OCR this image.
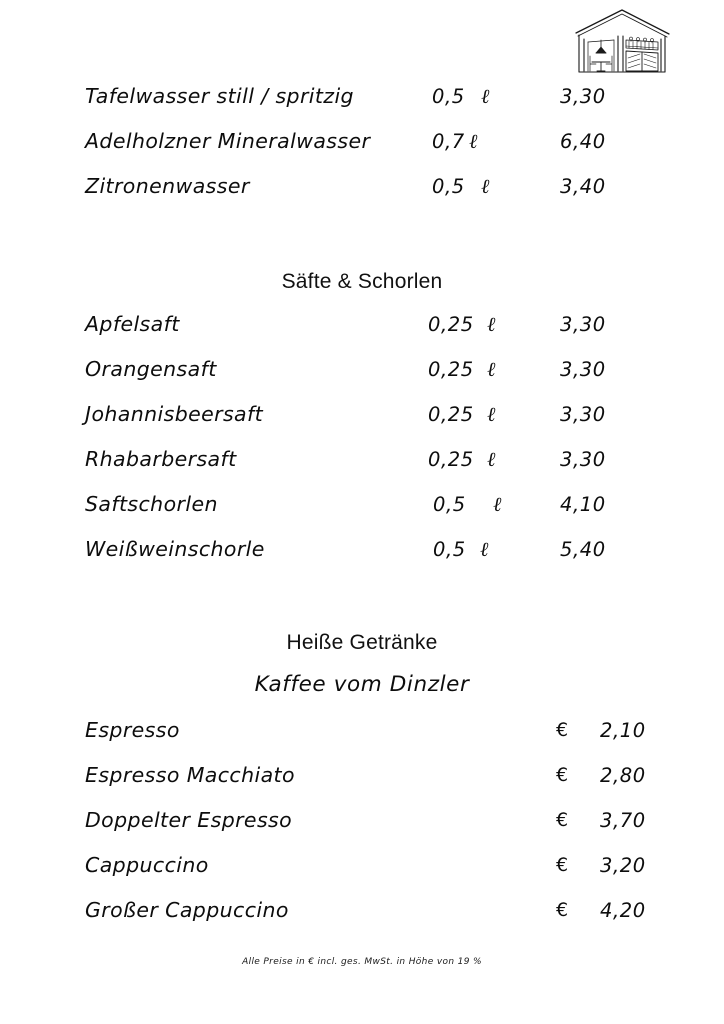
Tafelwasser still / spritzig	0,5 ℓ	3,30
Adelholzner Mineralwasser	0,7 ℓ	6,40
Zitronenwasser	0,5 ℓ	3,40
Säfte & Schorlen
Apfelsaft	0,25 ℓ	3,30
Orangensaft	0,25 ℓ	3,30
Johannisbeersaft	0,25 ℓ	3,30
Rhabarbersaft	0,25 ℓ	3,30
Saftschorlen	0,5 ℓ	4,10
Weißweinschorle	0,5 ℓ	5,40
Heiße Getränke
Kaffee vom Dinzler
Espresso	€ 2,10
Espresso Macchiato	€ 2,80
Doppelter Espresso	€ 3,70
Cappuccino	€ 3,20
Großer Cappuccino	€ 4,20
Alle Preise in € incl. ges. MwSt. in Höhe von 19 %
